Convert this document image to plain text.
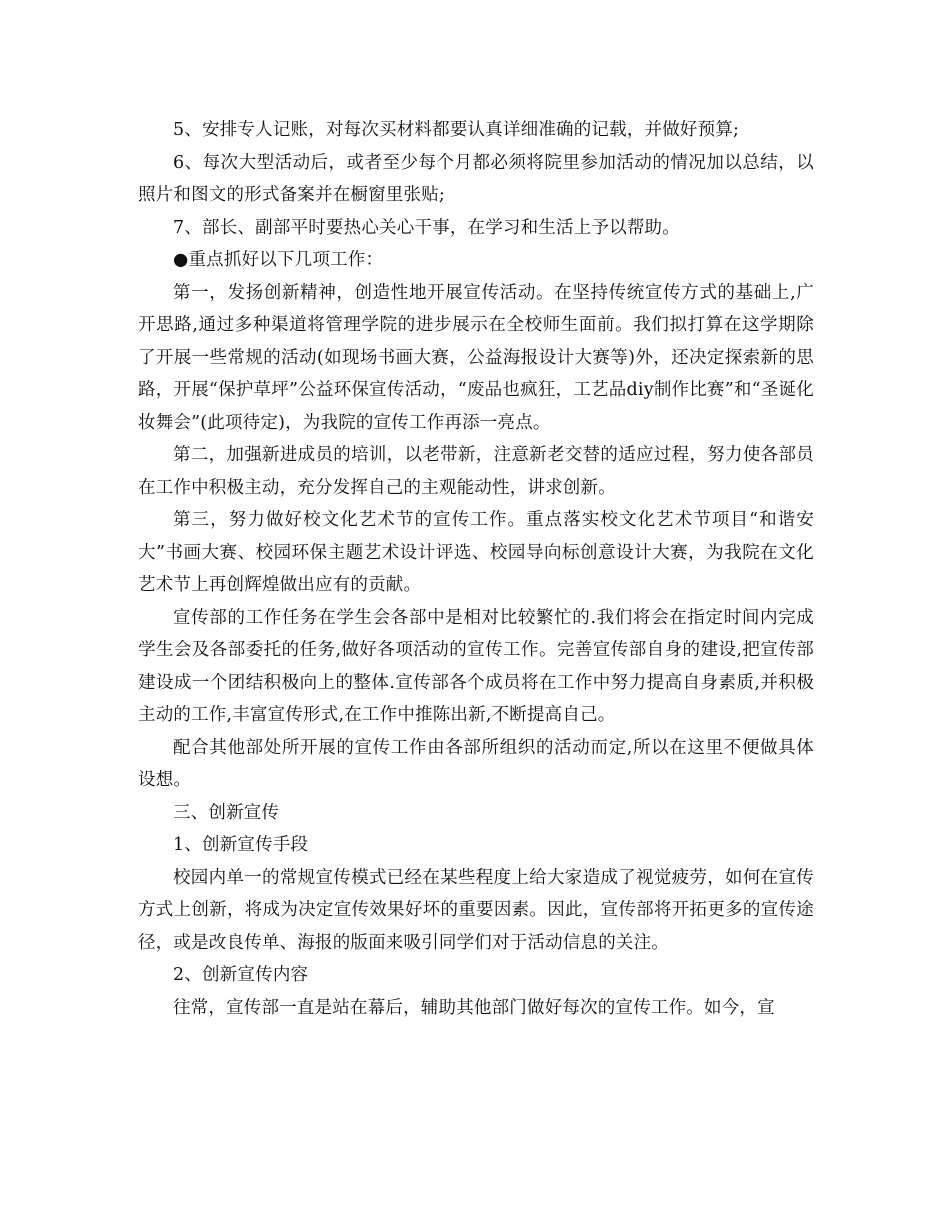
5、安排专人记账，对每次买材料都要认真详细准确的记载，并做好预算;

6、每次大型活动后，或者至少每个月都必须将院里参加活动的情况加以总结，以照片和图文的形式备案并在橱窗里张贴;

7、部长、副部平时要热心关心干事，在学习和生活上予以帮助。

●重点抓好以下几项工作：

第一，发扬创新精神，创造性地开展宣传活动。在坚持传统宣传方式的基础上,广开思路,通过多种渠道将管理学院的进步展示在全校师生面前。我们拟打算在这学期除了开展一些常规的活动(如现场书画大赛，公益海报设计大赛等)外，还决定探索新的思路，开展“保护草坪”公益环保宣传活动，“废品也疯狂，工艺品diy制作比赛”和“圣诞化妆舞会”(此项待定)，为我院的宣传工作再添一亮点。

第二，加强新进成员的培训，以老带新，注意新老交替的适应过程，努力使各部员在工作中积极主动，充分发挥自己的主观能动性，讲求创新。

第三，努力做好校文化艺术节的宣传工作。重点落实校文化艺术节项目“和谐安大”书画大赛、校园环保主题艺术设计评选、校园导向标创意设计大赛，为我院在文化艺术节上再创辉煌做出应有的贡献。

宣传部的工作任务在学生会各部中是相对比较繁忙的.我们将会在指定时间内完成学生会及各部委托的任务,做好各项活动的宣传工作。完善宣传部自身的建设,把宣传部建设成一个团结积极向上的整体.宣传部各个成员将在工作中努力提高自身素质,并积极主动的工作,丰富宣传形式,在工作中推陈出新,不断提高自己。

配合其他部处所开展的宣传工作由各部所组织的活动而定,所以在这里不便做具体设想。

三、创新宣传

1、创新宣传手段

校园内单一的常规宣传模式已经在某些程度上给大家造成了视觉疲劳，如何在宣传方式上创新，将成为决定宣传效果好坏的重要因素。因此，宣传部将开拓更多的宣传途径，或是改良传单、海报的版面来吸引同学们对于活动信息的关注。

2、创新宣传内容

往常，宣传部一直是站在幕后，辅助其他部门做好每次的宣传工作。如今，宣
